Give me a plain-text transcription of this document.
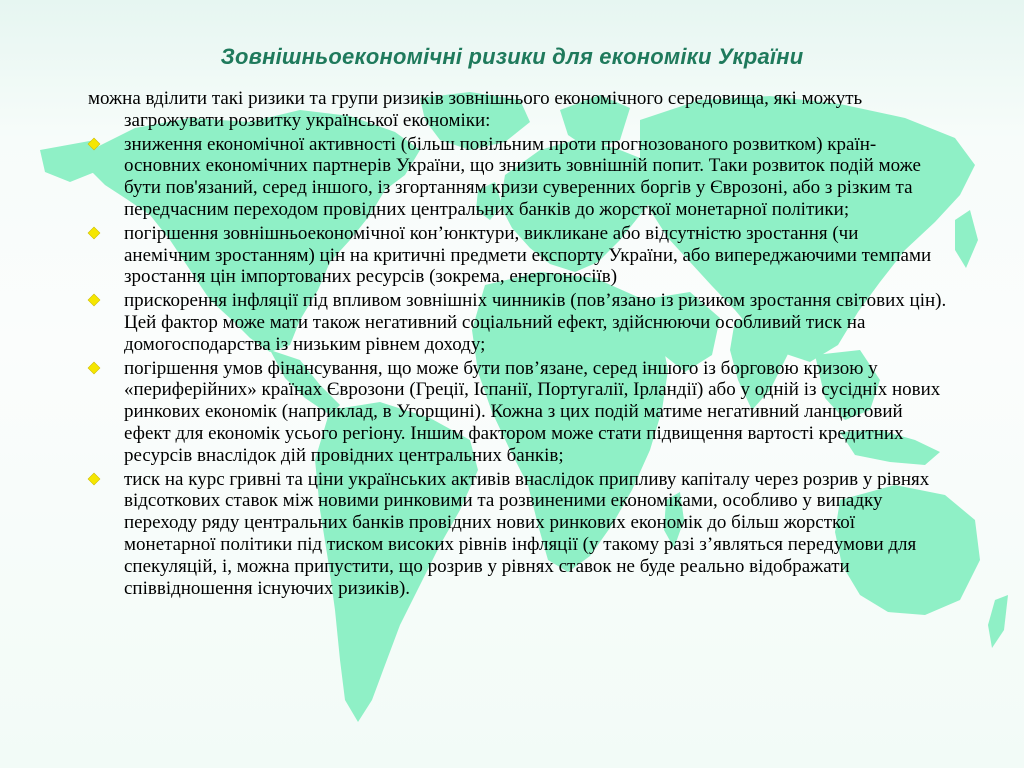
Зовнішньоекономічні ризики для економіки України

можна вділити такі ризики та групи ризиків зовнішнього економічного середовища, які можуть загрожувати розвитку української економіки:

зниження економічної активності (більш повільним проти прогнозованого розвитком) країн-основних економічних партнерів України, що знизить зовнішній попит. Таки розвиток подій може бути пов'язаний, серед іншого, із згортанням кризи суверенних боргів у Єврозоні, або з різким та передчасним переходом провідних центральних банків до жорсткої монетарної політики;
погіршення зовнішньоекономічної кон’юнктури, викликане або відсутністю зростання (чи анемічним зростанням) цін на критичні предмети експорту України, або випереджаючими темпами зростання цін імпортованих ресурсів (зокрема, енергоносіїв)
прискорення інфляції під впливом зовнішніх чинників (пов’язано із ризиком зростання світових цін). Цей фактор може мати також негативний соціальний ефект, здійснюючи особливий тиск на домогосподарства із низьким рівнем доходу;
погіршення умов фінансування, що може бути пов’язане, серед іншого із борговою кризою у «периферійних» країнах Єврозони (Греції, Іспанії, Португалії, Ірландії) або у одній із сусідніх нових ринкових економік (наприклад, в Угорщині). Кожна з цих подій матиме негативний ланцюговий ефект для економік усього регіону. Іншим фактором може стати підвищення вартості кредитних ресурсів внаслідок дій провідних центральних банків;
тиск на курс гривні та ціни українських активів внаслідок припливу капіталу через розрив у рівнях відсоткових ставок між новими ринковими та розвиненими економіками, особливо у випадку переходу ряду центральних банків провідних нових ринкових економік до більш жорсткої монетарної політики під тиском високих рівнів інфляції (у такому разі з’являться передумови для спекуляцій, і, можна припустити, що розрив у рівнях ставок не буде реально відображати співвідношення існуючих ризиків).
